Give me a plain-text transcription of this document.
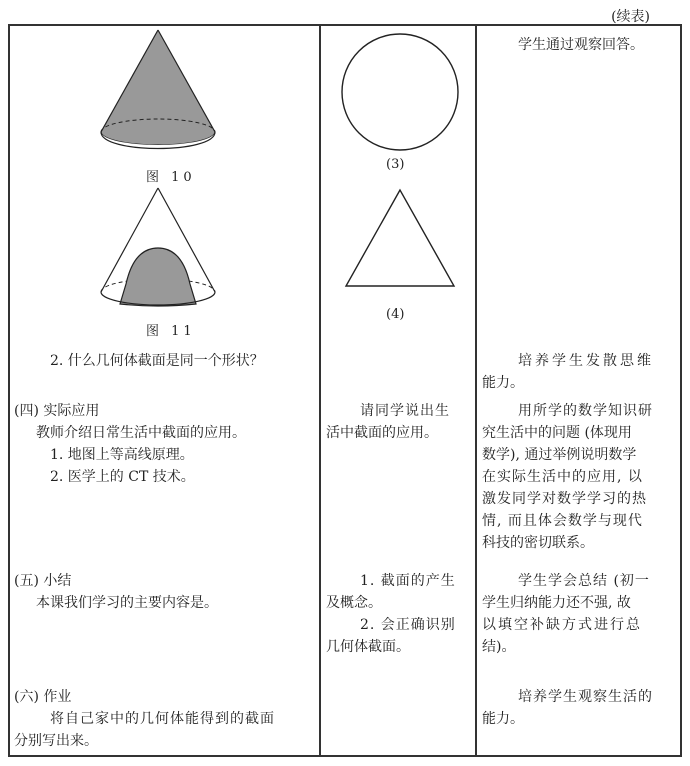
(续表)
图 10
图 11
2. 什么几何体截面是同一个形状？
(四) 实际应用
教师介绍日常生活中截面的应用。
1. 地图上等高线原理。
2. 医学上的 CT 技术。
(五) 小结
本课我们学习的主要内容是。
(六) 作业
将自己家中的几何体能得到的截面
分别写出来。
(3)
(4)
请同学说出生
活中截面的应用。
1. 截面的产生
及概念。
2. 会正确识别
几何体截面。
学生通过观察回答。
培养学生发散思维
能力。
用所学的数学知识研
究生活中的问题 (体现用
数学), 通过举例说明数学
在实际生活中的应用, 以
激发同学对数学学习的热
情, 而且体会数学与现代
科技的密切联系。
学生学会总结 (初一
学生归纳能力还不强, 故
以填空补缺方式进行总
结)。
培养学生观察生活的
能力。
